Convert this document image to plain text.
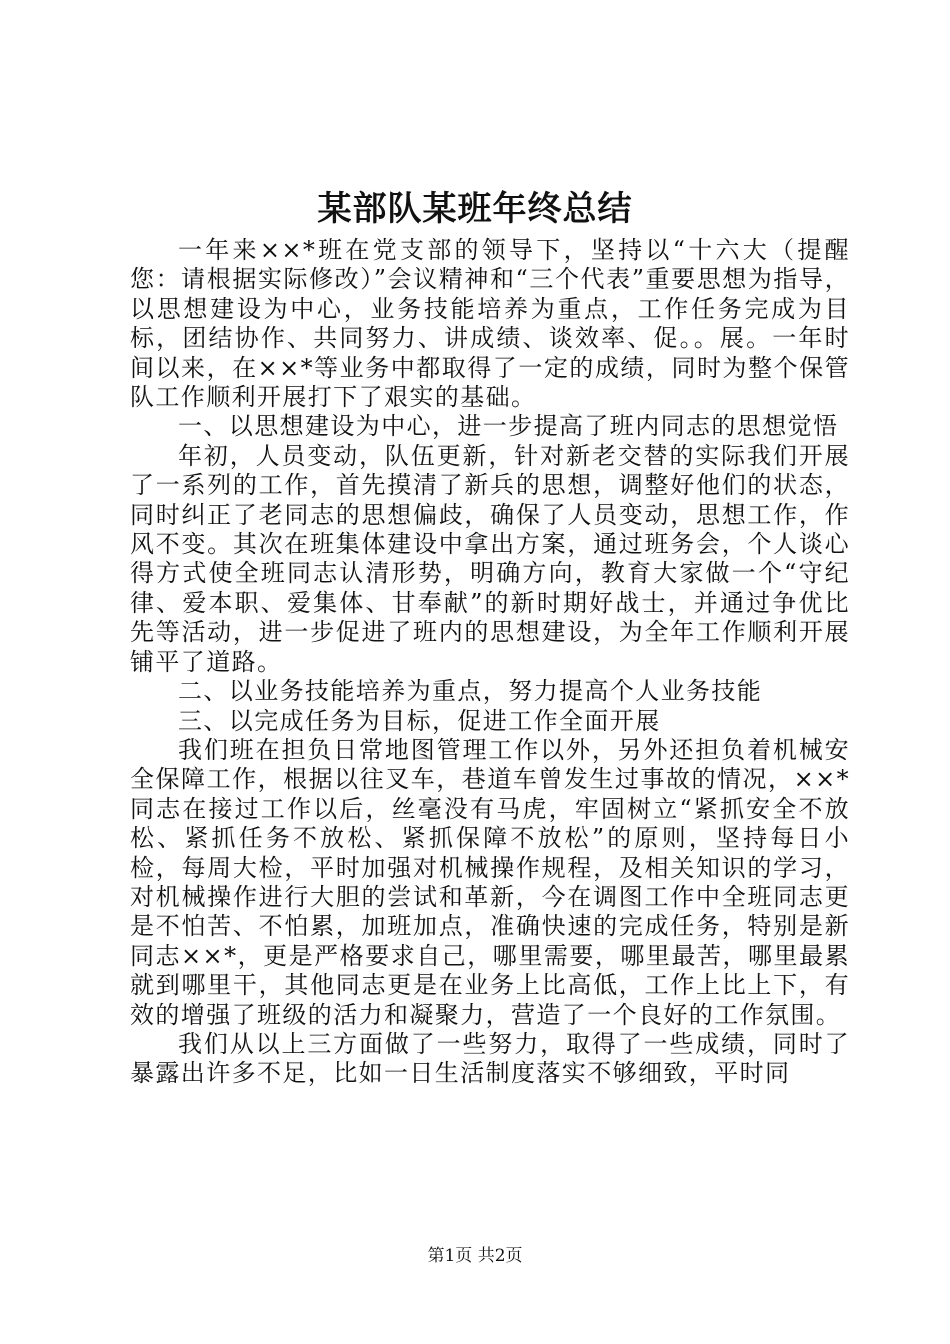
某部队某班年终总结

一年来××*班在党支部的领导下，坚持以“十六大（提醒您：请根据实际修改）”会议精神和“三个代表”重要思想为指导，以思想建设为中心，业务技能培养为重点，工作任务完成为目标，团结协作、共同努力、讲成绩、谈效率、促。。展。一年时间以来，在××*等业务中都取得了一定的成绩，同时为整个保管队工作顺利开展打下了艰实的基础。

一、以思想建设为中心，进一步提高了班内同志的思想觉悟

年初，人员变动，队伍更新，针对新老交替的实际我们开展了一系列的工作，首先摸清了新兵的思想，调整好他们的状态，同时纠正了老同志的思想偏歧，确保了人员变动，思想工作，作风不变。其次在班集体建设中拿出方案，通过班务会，个人谈心得方式使全班同志认清形势，明确方向，教育大家做一个“守纪律、爱本职、爱集体、甘奉献”的新时期好战士，并通过争优比先等活动，进一步促进了班内的思想建设，为全年工作顺利开展铺平了道路。

二、以业务技能培养为重点，努力提高个人业务技能

三、以完成任务为目标，促进工作全面开展

我们班在担负日常地图管理工作以外，另外还担负着机械安全保障工作，根据以往叉车，巷道车曾发生过事故的情况，××*同志在接过工作以后，丝毫没有马虎，牢固树立“紧抓安全不放松、紧抓任务不放松、紧抓保障不放松”的原则，坚持每日小检，每周大检，平时加强对机械操作规程，及相关知识的学习，对机械操作进行大胆的尝试和革新，今在调图工作中全班同志更是不怕苦、不怕累，加班加点，准确快速的完成任务，特别是新同志××*，更是严格要求自己，哪里需要，哪里最苦，哪里最累就到哪里干，其他同志更是在业务上比高低，工作上比上下，有效的增强了班级的活力和凝聚力，营造了一个良好的工作氛围。

我们从以上三方面做了一些努力，取得了一些成绩，同时了暴露出许多不足，比如一日生活制度落实不够细致，平时同

第1页 共2页
